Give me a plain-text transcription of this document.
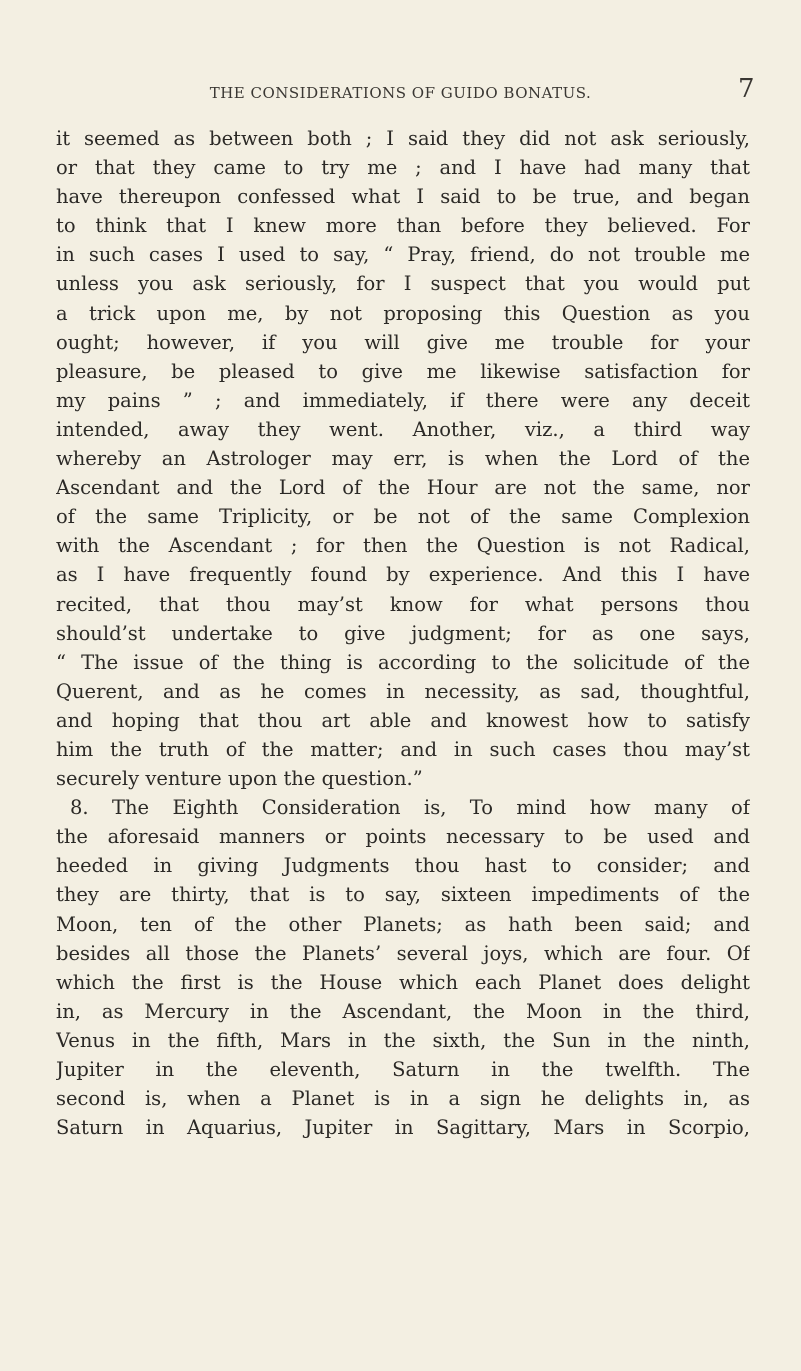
THE CONSIDERATIONS OF GUIDO BONATUS.	7
it seemed as between both ; I said they did not ask seriously,
or that they came to try me ; and I have had many that
have thereupon confessed what I said to be true, and began
to think that I knew more than before they believed. For
in such cases I used to say, “ Pray, friend, do not trouble me
unless you ask seriously, for I suspect that you would put
a trick upon me, by not proposing this Question as you
ought; however, if you will give me trouble for your
pleasure, be pleased to give me likewise satisfaction for
my pains ” ; and immediately, if there were any deceit
intended, away they went. Another, viz., a third way
whereby an Astrologer may err, is when the Lord of the
Ascendant and the Lord of the Hour are not the same, nor
of the same Triplicity, or be not of the same Complexion
with the Ascendant ; for then the Question is not Radical,
as I have frequently found by experience. And this I have
recited, that thou may’st know for what persons thou
should’st undertake to give judgment; for as one says,
“ The issue of the thing is according to the solicitude of the
Querent, and as he comes in necessity, as sad, thoughtful,
and hoping that thou art able and knowest how to satisfy
him the truth of the matter; and in such cases thou may’st
securely venture upon the question.”
8. The Eighth Consideration is, To mind how many of
the aforesaid manners or points necessary to be used and
heeded in giving Judgments thou hast to consider; and
they are thirty, that is to say, sixteen impediments of the
Moon, ten of the other Planets; as hath been said; and
besides all those the Planets’ several joys, which are four. Of
which the first is the House which each Planet does delight
in, as Mercury in the Ascendant, the Moon in the third,
Venus in the fifth, Mars in the sixth, the Sun in the ninth,
Jupiter in the eleventh, Saturn in the twelfth. The
second is, when a Planet is in a sign he delights in, as
Saturn in Aquarius, Jupiter in Sagittary, Mars in Scorpio,
